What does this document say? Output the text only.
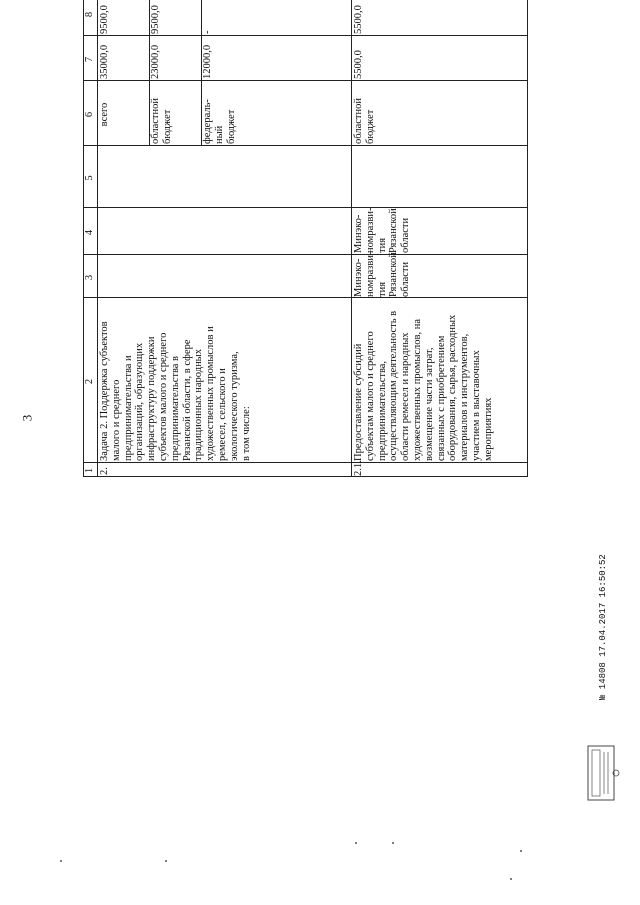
3
1
2
3
4
5
6
7
8
2.
Задача 2. Поддержка субъектов
малого и среднего
предпринимательства и
организаций, образующих
инфраструктуру поддержки
субъектов малого и среднего
предпринимательства в
Рязанской области, в сфере
традиционных народных
художественных промыслов и
ремесел, сельского и
экологического туризма,
в том числе:
всего	областной
бюджет	федераль-
ный
бюджет
35000,0
9500,0
23000,0
9500,0
12000,0
-
2.1.
Предоставление субсидий
субъектам малого и среднего
предпринимательства,
осуществляющим деятельность в
области ремесел и народных
художественных промыслов, на
возмещение части затрат,
связанных с приобретением
оборудования, сырья, расходных
материалов и инструментов,
участием в выставочных
мероприятиях
Минэко-
номразви-
тия
Рязанской
области
Минэко-
номразви-
тия
Рязанской
области
областной
бюджет
5500,0
5500,0
№ 14808 17.04.2017 16:50:52
